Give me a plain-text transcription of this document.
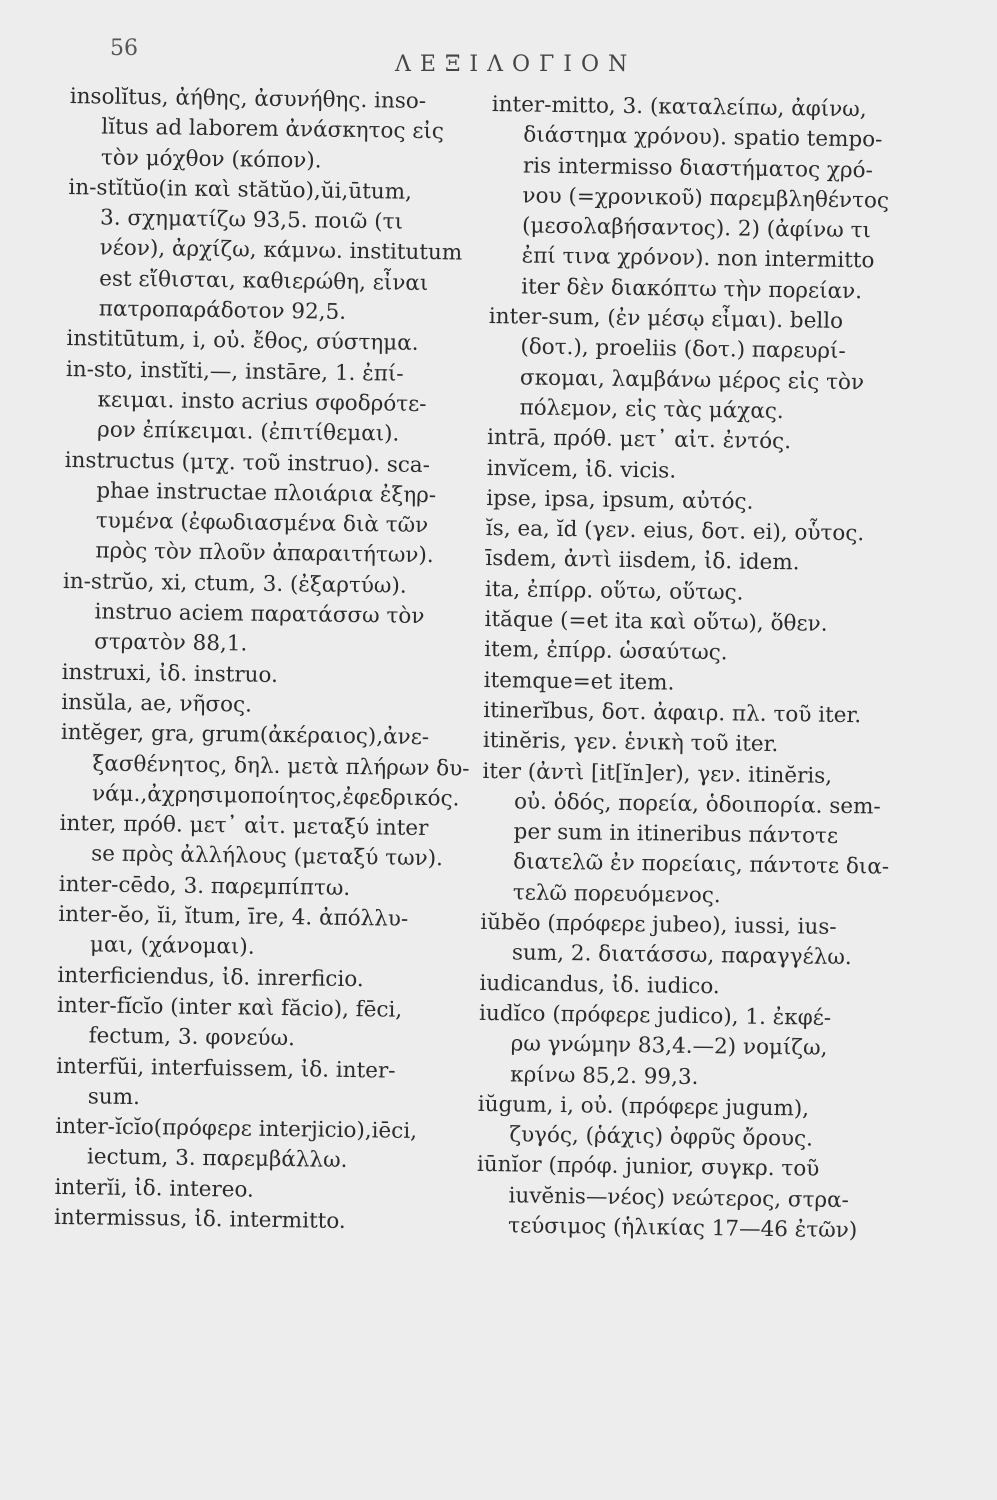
56
ΛΕΞΙΛΟΓΙΟΝ
insolĭtus, ἀήθης, ἀσυνήθης. inso-
lĭtus ad laborem ἀνάσκητος εἰς
τὸν μόχθον (κόπον).
in-stĭtŭo(in καὶ stătŭo),ŭi,ūtum,
3. σχηματίζω 93,5. ποιῶ (τι
νέον), ἀρχίζω, κάμνω. institutum
est εἴθισται, καθιερώθη, εἶναι
πατροπαράδοτον 92,5.
institūtum, i, οὐ. ἔθος, σύστημα.
in-sto, instĭti,—, instāre, 1. ἐπί-
κειμαι. insto acrius σφοδρότε-
ρον ἐπίκειμαι. (ἐπιτίθεμαι).
instructus (μτχ. τοῦ instruo). sca-
phae instructae πλοιάρια ἐξηρ-
τυμένα (ἐφωδιασμένα διὰ τῶν
πρὸς τὸν πλοῦν ἀπαραιτήτων).
in-strŭo, xi, ctum, 3. (ἐξαρτύω).
instruo aciem παρατάσσω τὸν
στρατὸν 88,1.
instruxi, ἰδ. instruo.
insŭla, ae, νῆσος.
intĕger, gra, grum(ἀκέραιος),ἀνε-
ξασθένητος, δηλ. μετὰ πλήρων δυ-
νάμ.,ἀχρησιμοποίητος,ἐφεδρικός.
inter, πρόθ. μετ᾽ αἰτ. μεταξύ inter
se πρὸς ἀλλήλους (μεταξύ των).
inter-cēdo, 3. παρεμπίπτω.
inter-ĕo, ĭi, ĭtum, īre, 4. ἀπόλλυ-
μαι, (χάνομαι).
interficiendus, ἰδ. inrerficio.
inter-fĭcĭo (inter καὶ făcio), fēci,
fectum, 3. φονεύω.
interfŭi, interfuissem, ἰδ. inter-
sum.
inter-ĭcĭo(πρόφερε interjicio),iēci,
iectum, 3. παρεμβάλλω.
interĭi, ἰδ. intereo.
intermissus, ἰδ. intermitto.
inter-mitto, 3. (καταλείπω, ἀφίνω,
διάστημα χρόνου). spatio tempo-
ris intermisso διαστήματος χρό-
νου (=χρονικοῦ) παρεμβληθέντος
(μεσολαβήσαντος). 2) (ἀφίνω τι
ἐπί τινα χρόνον). non intermitto
iter δὲν διακόπτω τὴν πορείαν.
inter-sum, (ἐν μέσῳ εἶμαι). bello
(δοτ.), proeliis (δοτ.) παρευρί-
σκομαι, λαμβάνω μέρος εἰς τὸν
πόλεμον, εἰς τὰς μάχας.
intrā, πρόθ. μετ᾽ αἰτ. ἐντός.
invĭcem, ἰδ. vicis.
ipse, ipsa, ipsum, αὐτός.
ĭs, ea, ĭd (γεν. eius, δοτ. ei), οὗτος.
īsdem, ἀντὶ iisdem, ἰδ. idem.
ita, ἐπίρρ. οὕτω, οὕτως.
ităque (=et ita καὶ οὕτω), ὅθεν.
item, ἐπίρρ. ὡσαύτως.
itemque=et item.
itinerĭbus, δοτ. ἀφαιρ. πλ. τοῦ iter.
itinĕris, γεν. ἑνικὴ τοῦ iter.
iter (ἀντὶ [it[ĭn]er), γεν. itinĕris,
οὐ. ὁδός, πορεία, ὁδοιπορία. sem-
per sum in itineribus πάντοτε
διατελῶ ἐν πορείαις, πάντοτε δια-
τελῶ πορευόμενος.
iŭbĕo (πρόφερε jubeo), iussi, ius-
sum, 2. διατάσσω, παραγγέλω.
iudicandus, ἰδ. iudico.
iudĭco (πρόφερε judico), 1. ἐκφέ-
ρω γνώμην 83,4.—2) νομίζω,
κρίνω 85,2. 99,3.
iŭgum, i, οὐ. (πρόφερε jugum),
ζυγός, (ῥάχις) ὀφρῦς ὄρους.
iūnĭor (πρόφ. junior, συγκρ. τοῦ
iuvĕnis—νέος) νεώτερος, στρα-
τεύσιμος (ἡλικίας 17—46 ἐτῶν)
